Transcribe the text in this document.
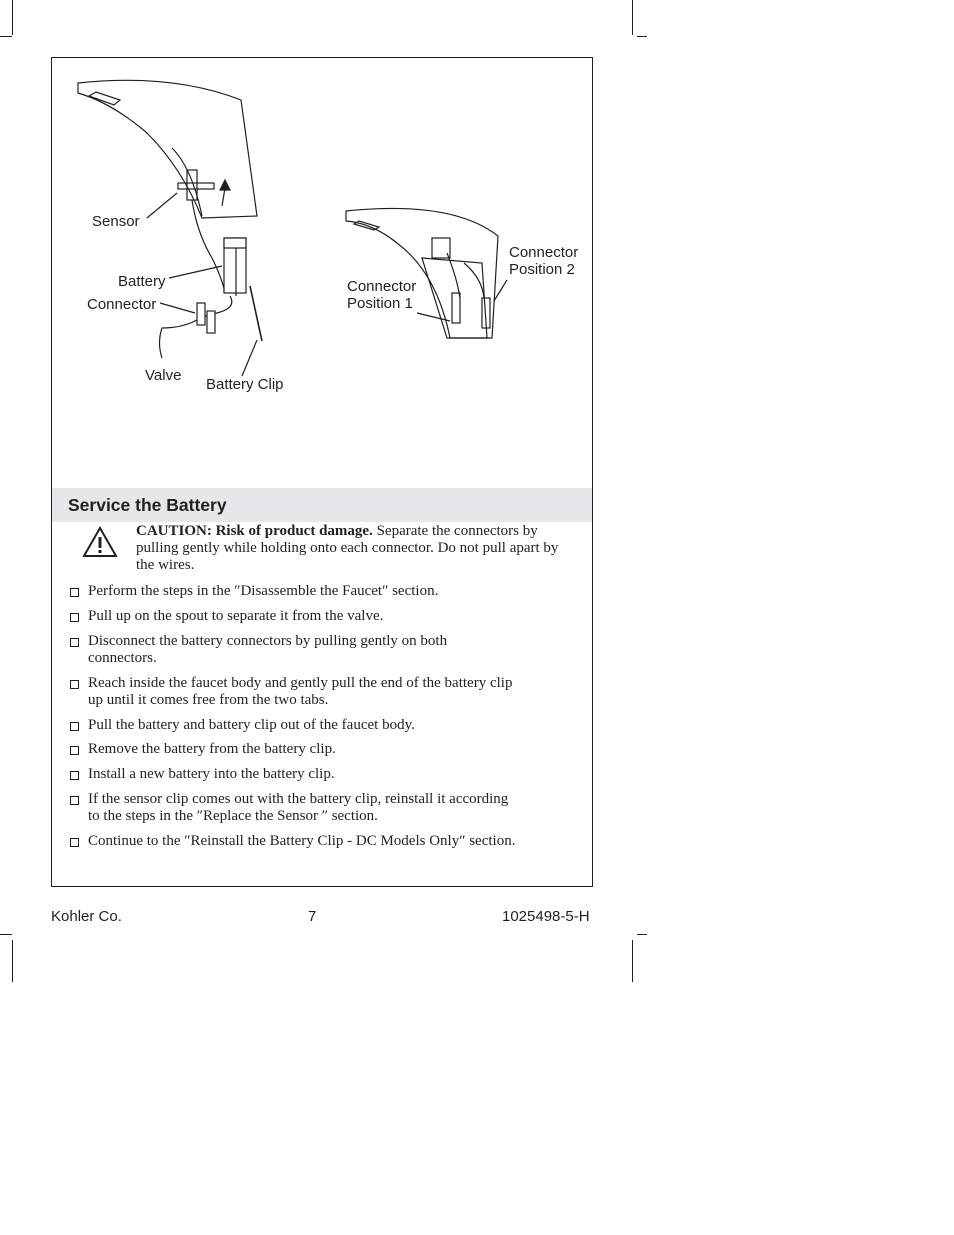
Sensor
Battery
Connector
Valve
Battery Clip
Connector
Position 1
Connector
Position 2
Service the Battery
CAUTION: Risk of product damage. Separate the connectors by pulling gently while holding onto each connector. Do not pull apart by the wires.
Perform the steps in the ″Disassemble the Faucet″ section.
Pull up on the spout to separate it from the valve.
Disconnect the battery connectors by pulling gently on both connectors.
Reach inside the faucet body and gently pull the end of the battery clip up until it comes free from the two tabs.
Pull the battery and battery clip out of the faucet body.
Remove the battery from the battery clip.
Install a new battery into the battery clip.
If the sensor clip comes out with the battery clip, reinstall it according to the steps in the ″Replace the Sensor ″ section.
Continue to the ″Reinstall the Battery Clip - DC Models Only″ section.
Kohler Co.	7	1025498-5-H
